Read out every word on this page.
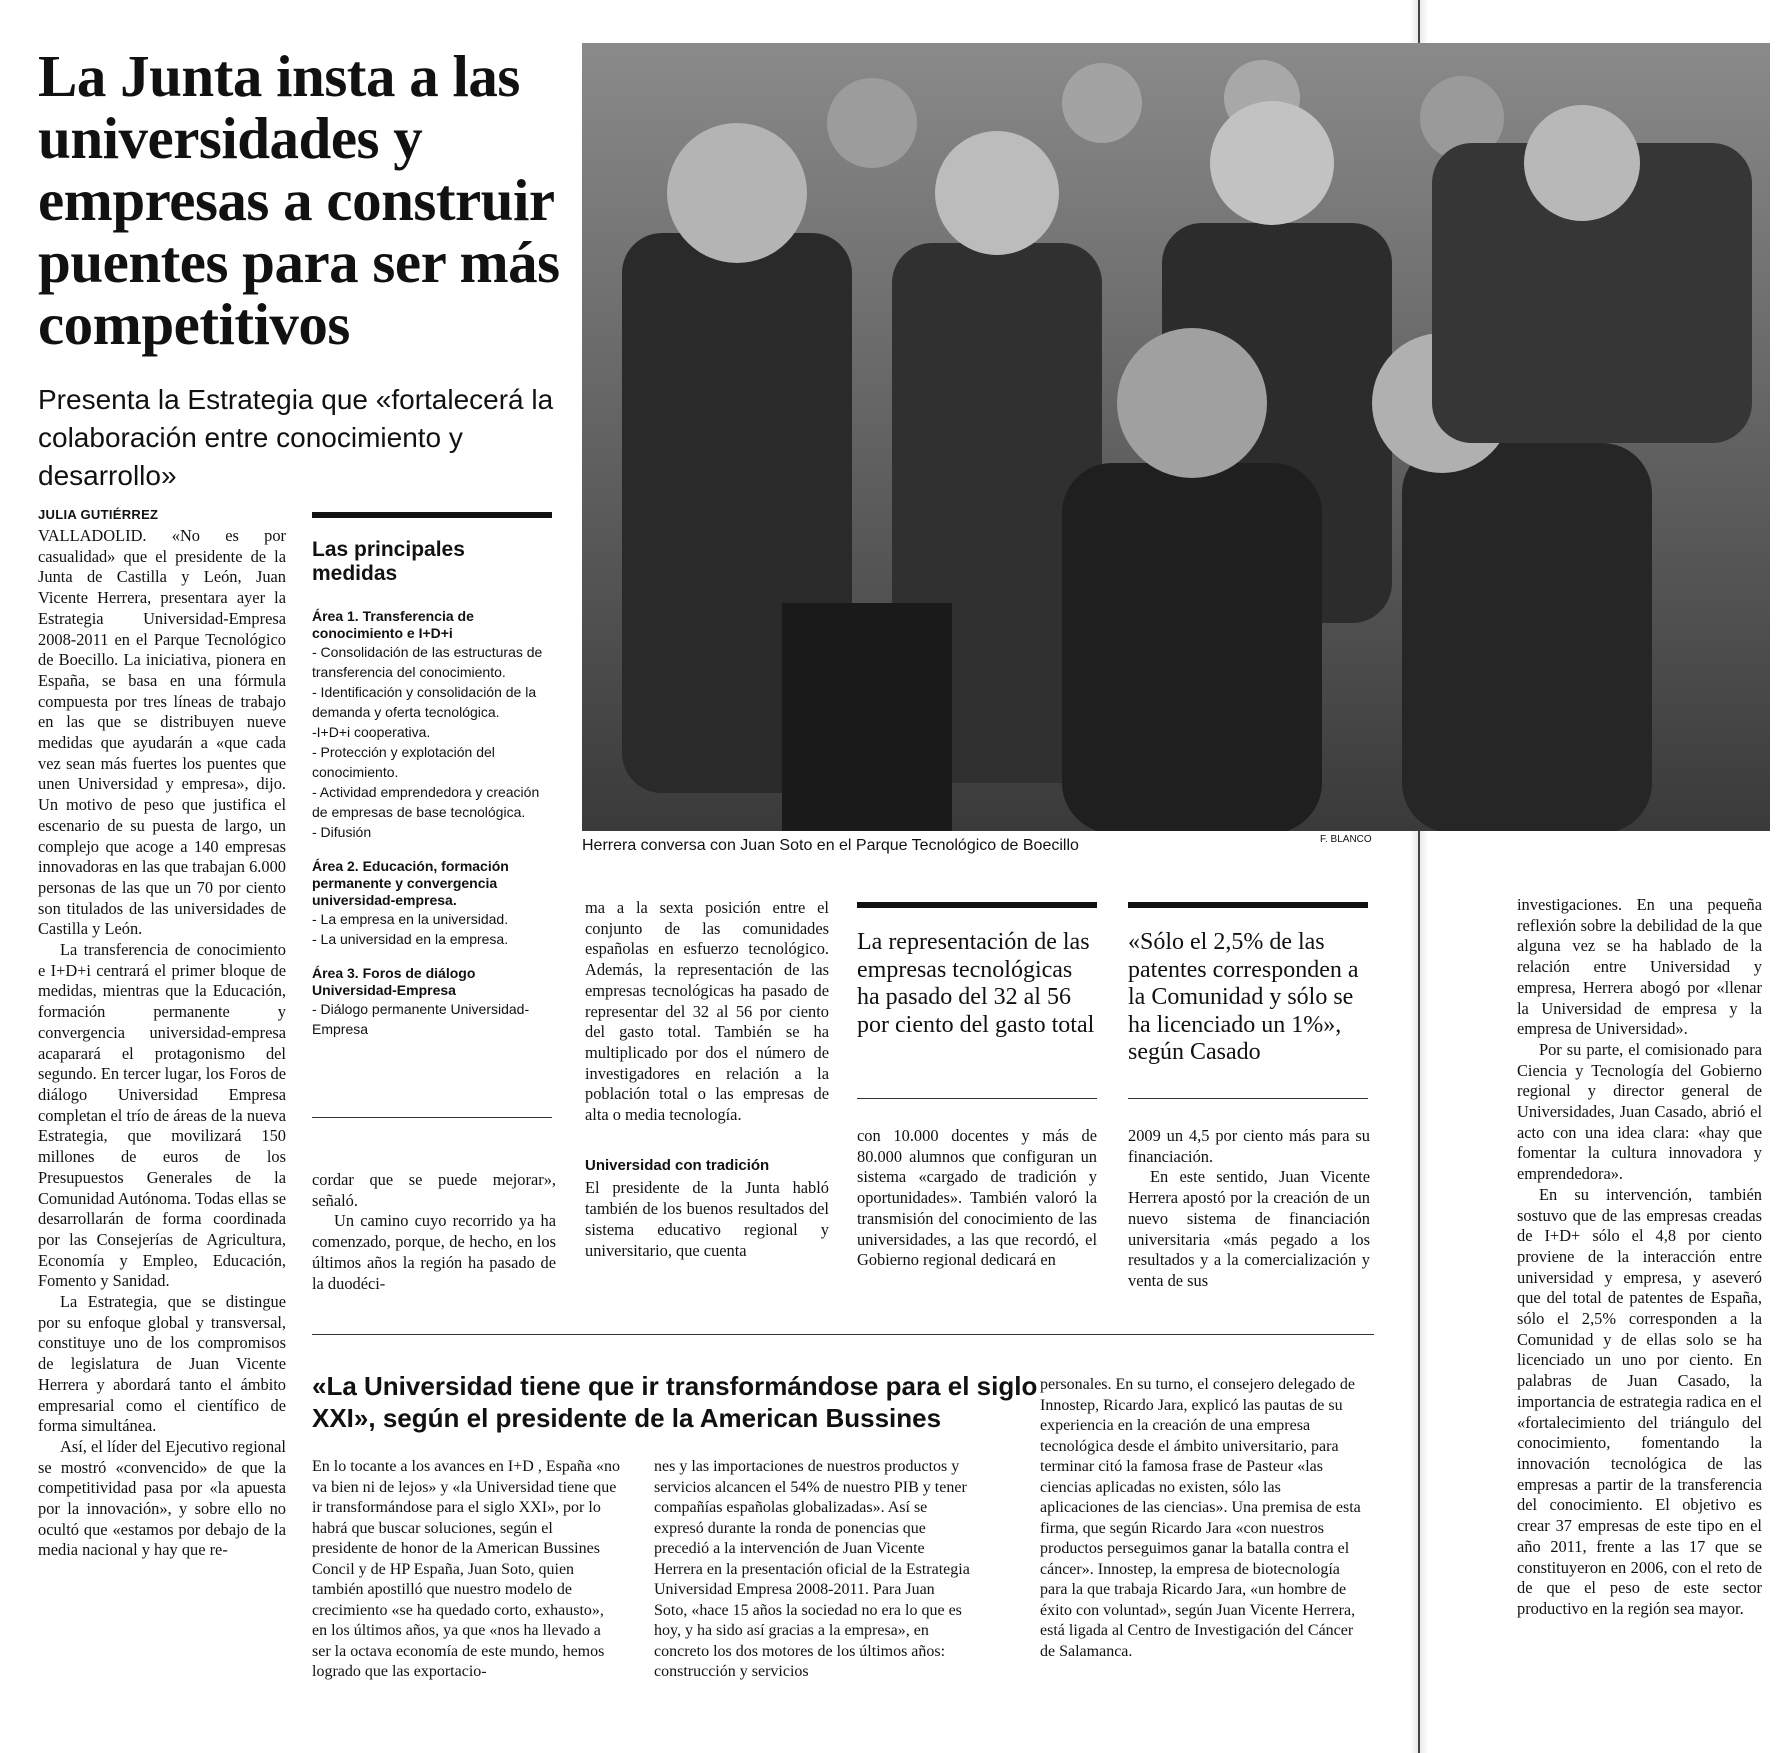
La Junta insta a las universidades y empresas a construir puentes para ser más competitivos
Presenta la Estrategia que «fortalecerá la colaboración entre conocimiento y desarrollo»
JULIA GUTIÉRREZ

VALLADOLID. «No es por casualidad» que el presidente de la Junta de Castilla y León, Juan Vicente Herrera, presentara ayer la Estrategia Universidad-Empresa 2008-2011 en el Parque Tecnológico de Boecillo. La iniciativa, pionera en España, se basa en una fórmula compuesta por tres líneas de trabajo en las que se distribuyen nueve medidas que ayudarán a «que cada vez sean más fuertes los puentes que unen Universidad y empresa», dijo. Un motivo de peso que justifica el escenario de su puesta de largo, un complejo que acoge a 140 empresas innovadoras en las que trabajan 6.000 personas de las que un 70 por ciento son titulados de las universidades de Castilla y León.

La transferencia de conocimiento e I+D+i centrará el primer bloque de medidas, mientras que la Educación, formación permanente y convergencia universidad-empresa acaparará el protagonismo del segundo. En tercer lugar, los Foros de diálogo Universidad Empresa completan el trío de áreas de la nueva Estrategia, que movilizará 150 millones de euros de los Presupuestos Generales de la Comunidad Autónoma. Todas ellas se desarrollarán de forma coordinada por las Consejerías de Agricultura, Economía y Empleo, Educación, Fomento y Sanidad.

La Estrategia, que se distingue por su enfoque global y transversal, constituye uno de los compromisos de legislatura de Juan Vicente Herrera y abordará tanto el ámbito empresarial como el científico de forma simultánea.

Así, el líder del Ejecutivo regional se mostró «convencido» de que la competitividad pasa por «la apuesta por la innovación», y sobre ello no ocultó que «estamos por debajo de la media nacional y hay que re-

Las principales medidas

Área 1. Transferencia de conocimiento e I+D+i

- Consolidación de las estructuras de transferencia del conocimiento.

- Identificación y consolidación de la demanda y oferta tecnológica.

-I+D+i cooperativa.

- Protección y explotación del conocimiento.

- Actividad emprendedora y creación de empresas de base tecnológica.

- Difusión

Área 2. Educación, formación permanente y convergencia universidad-empresa.

- La empresa en la universidad.

- La universidad en la empresa.

Área 3. Foros de diálogo Universidad-Empresa

- Diálogo permanente Universidad-Empresa

Herrera conversa con Juan Soto en el Parque Tecnológico de Boecillo	F. BLANCO

cordar que se puede mejorar», señaló.

Un camino cuyo recorrido ya ha comenzado, porque, de hecho, en los últimos años la región ha pasado de la duodéci-

ma a la sexta posición entre el conjunto de las comunidades españolas en esfuerzo tecnológico. Además, la representación de las empresas tecnológicas ha pasado de representar del 32 al 56 por ciento del gasto total. También se ha multiplicado por dos el número de investigadores en relación a la población total o las empresas de alta o media tecnología.

Universidad con tradición

El presidente de la Junta habló también de los buenos resultados del sistema educativo regional y universitario, que cuenta

La representación de las empresas tecnológicas ha pasado del 32 al 56 por ciento del gasto total
«Sólo el 2,5% de las patentes corresponden a la Comunidad y sólo se ha licenciado un 1%», según Casado

con 10.000 docentes y más de 80.000 alumnos que configuran un sistema «cargado de tradición y oportunidades». También valoró la transmisión del conocimiento de las universidades, a las que recordó, el Gobierno regional dedicará en

2009 un 4,5 por ciento más para su financiación.

En este sentido, Juan Vicente Herrera apostó por la creación de un nuevo sistema de financiación universitaria «más pegado a los resultados y a la comercialización y venta de sus

investigaciones. En una pequeña reflexión sobre la debilidad de la que alguna vez se ha hablado de la relación entre Universidad y empresa, Herrera abogó por «llenar la Universidad de empresa y la empresa de Universidad».

Por su parte, el comisionado para Ciencia y Tecnología del Gobierno regional y director general de Universidades, Juan Casado, abrió el acto con una idea clara: «hay que fomentar la cultura innovadora y emprendedora».

En su intervención, también sostuvo que de las empresas creadas de I+D+ sólo el 4,8 por ciento proviene de la interacción entre universidad y empresa, y aseveró que del total de patentes de España, sólo el 2,5% corresponden a la Comunidad y de ellas solo se ha licenciado un uno por ciento. En palabras de Juan Casado, la importancia de estrategia radica en el «fortalecimiento del triángulo del conocimiento, fomentando la innovación tecnológica de las empresas a partir de la transferencia del conocimiento. El objetivo es crear 37 empresas de este tipo en el año 2011, frente a las 17 que se constituyeron en 2006, con el reto de de que el peso de este sector productivo en la región sea mayor.

«La Universidad tiene que ir transformándose para el siglo XXI», según el presidente de la American Bussines
En lo tocante a los avances en I+D , España «no va bien ni de lejos» y «la Universidad tiene que ir transformándose para el siglo XXI», por lo habrá que buscar soluciones, según el presidente de honor de la American Bussines Concil y de HP España, Juan Soto, quien también apostilló que nuestro modelo de crecimiento «se ha quedado corto, exhausto», en los últimos años, ya que «nos ha llevado a ser la octava economía de este mundo, hemos logrado que las exportacio-
nes y las importaciones de nuestros productos y servicios alcancen el 54% de nuestro PIB y tener compañías españolas globalizadas». Así se expresó durante la ronda de ponencias que precedió a la intervención de Juan Vicente Herrera en la presentación oficial de la Estrategia Universidad Empresa 2008-2011. Para Juan Soto, «hace 15 años la sociedad no era lo que es hoy, y ha sido así gracias a la empresa», en concreto los dos motores de los últimos años: construcción y servicios
personales. En su turno, el consejero delegado de Innostep, Ricardo Jara, explicó las pautas de su experiencia en la creación de una empresa tecnológica desde el ámbito universitario, para terminar citó la famosa frase de Pasteur «las ciencias aplicadas no existen, sólo las aplicaciones de las ciencias». Una premisa de esta firma, que según Ricardo Jara «con nuestros productos perseguimos ganar la batalla contra el cáncer». Innostep, la empresa de biotecnología para la que trabaja Ricardo Jara, «un hombre de éxito con voluntad», según Juan Vicente Herrera, está ligada al Centro de Investigación del Cáncer de Salamanca.
